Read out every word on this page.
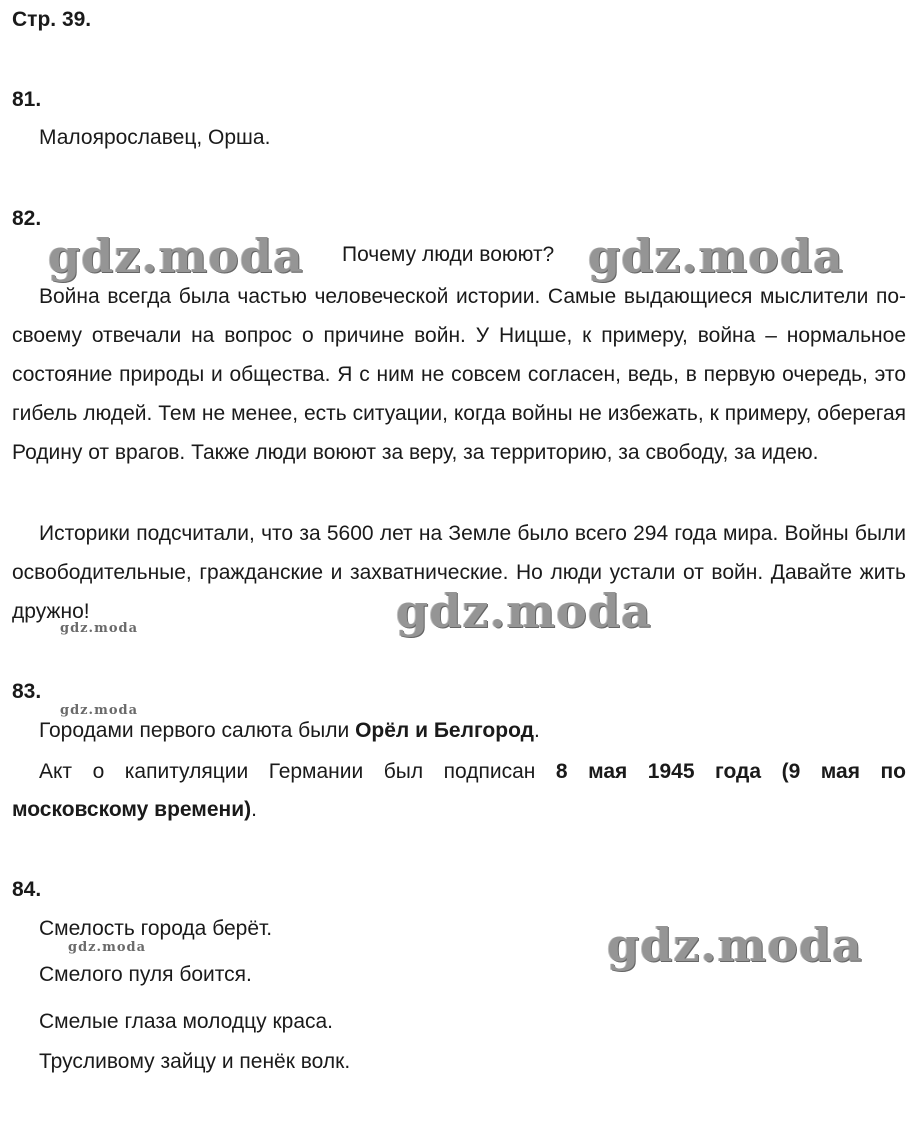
Стр. 39.
81.
Малоярославец, Орша.
82.
Почему люди воюют?
Война всегда была частью человеческой истории. Самые выдающиеся мыслители по-своему отвечали на вопрос о причине войн. У Ницше, к примеру, война – нормальное состояние природы и общества. Я с ним не совсем согласен, ведь, в первую очередь, это гибель людей. Тем не менее, есть ситуации, когда войны не избежать, к примеру, оберегая Родину от врагов. Также люди воюют за веру, за территорию, за свободу, за идею.
Историки подсчитали, что за 5600 лет на Земле было всего 294 года мира. Войны были освободительные, гражданские и захватнические. Но люди устали от войн. Давайте жить дружно!
83.
Городами первого салюта были Орёл и Белгород.
Акт о капитуляции Германии был подписан 8 мая 1945 года (9 мая по
московскому времени).
84.
Смелость города берёт.
Смелого пуля боится.
Смелые глаза молодцу краса.
Трусливому зайцу и пенёк волк.
gdz.moda	gdz.moda
gdz.moda
gdz.moda
gdz.moda
gdz.moda
gdz.moda
